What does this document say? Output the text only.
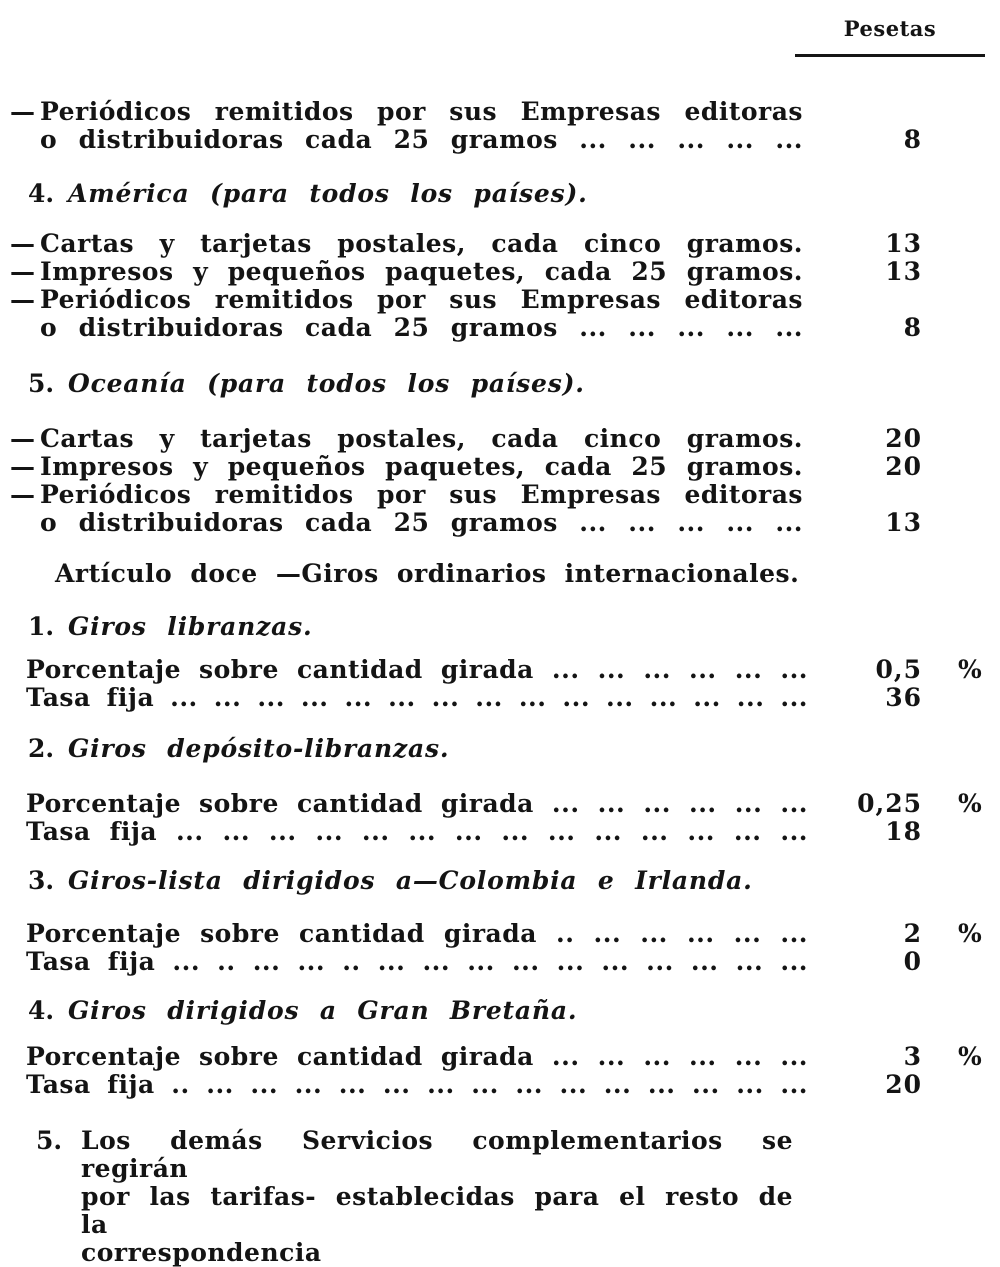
Pesetas
— Periódicos remitidos por sus Empresas editoras
o distribuidoras cada 25 gramos ... ... ... ... ...	8
4. América (para todos los países).
— Cartas y tarjetas postales, cada cinco gramos.	13
— Impresos y pequeños paquetes, cada 25 gramos.	13
— Periódicos remitidos por sus Empresas editoras
o distribuidoras cada 25 gramos ... ... ... ... ...	8
5. Oceanía (para todos los países).
— Cartas y tarjetas postales, cada cinco gramos.	20
— Impresos y pequeños paquetes, cada 25 gramos.	20
— Periódicos remitidos por sus Empresas editoras
o distribuidoras cada 25 gramos ... ... ... ... ...	13
Artículo doce —Giros ordinarios internacionales.
1. Giros libranzas.
Porcentaje sobre cantidad girada ... ... ... ... ... ...	0,5 %
Tasa fija ... ... ... ... ... ... ... ... ... ... ... ... ... ... ...	36
2. Giros depósito-libranzas.
Porcentaje sobre cantidad girada ... ... ... ... ... ... 0,25 %
Tasa fija ... ... ... ... ... ... ... ... ... ... ... ... ... ...	18
3. Giros-lista dirigidos a—Colombia e Irlanda.
Porcentaje sobre cantidad girada .. ... ... ... ... ...	2 %
Tasa fija ... .. ... ... .. ... ... ... ... ... ... ... ... ... ...	0
4. Giros dirigidos a Gran Bretaña.
Porcentaje sobre cantidad girada ... ... ... ... ... ...	3 %
Tasa fija .. ... ... ... ... ... ... ... ... ... ... ... ... ... ...	20
5. Los demás Servicios complementarios se regirán
por las tarifas- establecidas para el resto de la
correspondencia
